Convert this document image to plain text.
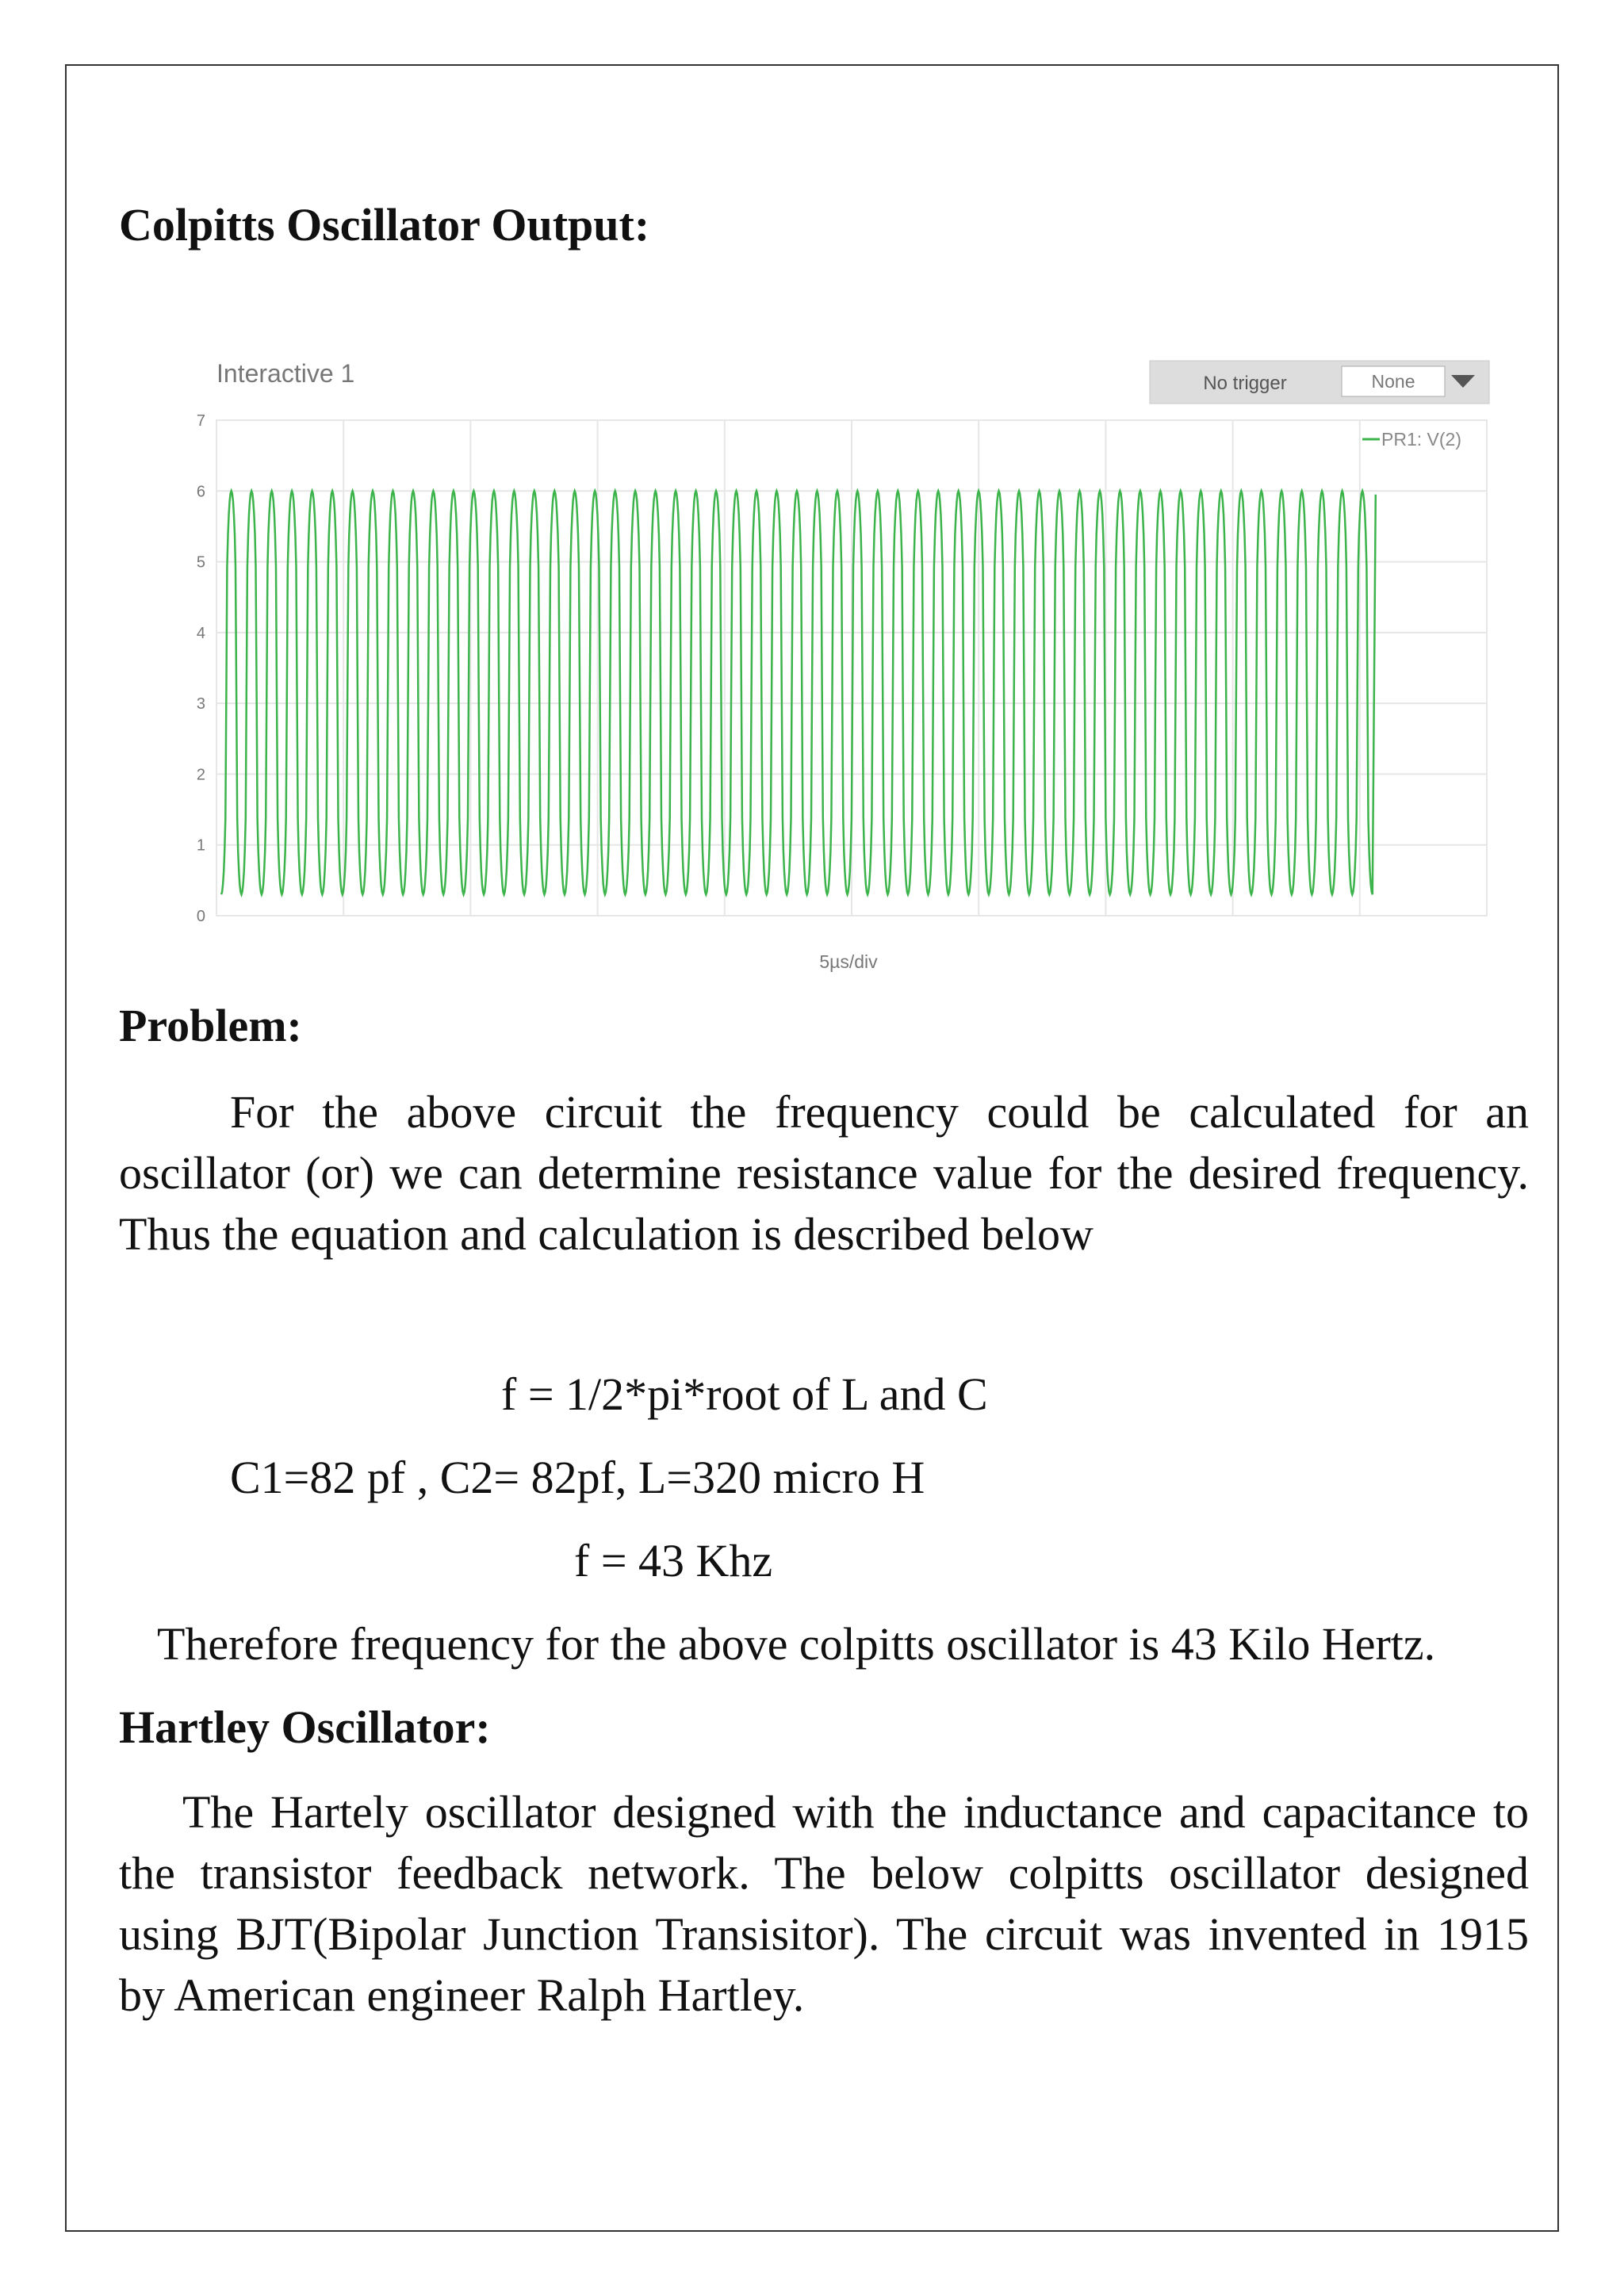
Colpitts Oscillator Output:
Interactive 1	No trigger	None
0
1
2
3
4
5
6
7
PR1: V(2)
5µs/div
Problem:
For the above circuit the frequency could be calculated for an oscillator (or) we can determine resistance value for the desired frequency. Thus the equation and calculation is described below
f = 1/2*pi*root of L and C
C1=82 pf , C2= 82pf, L=320 micro H
f = 43 Khz
Therefore frequency for the above colpitts oscillator is 43 Kilo Hertz.
Hartley Oscillator:
The Hartely oscillator designed with the inductance and capacitance to the transistor feedback network. The below colpitts oscillator designed using BJT(Bipolar Junction Transisitor). The circuit was invented in 1915 by American engineer Ralph Hartley.
